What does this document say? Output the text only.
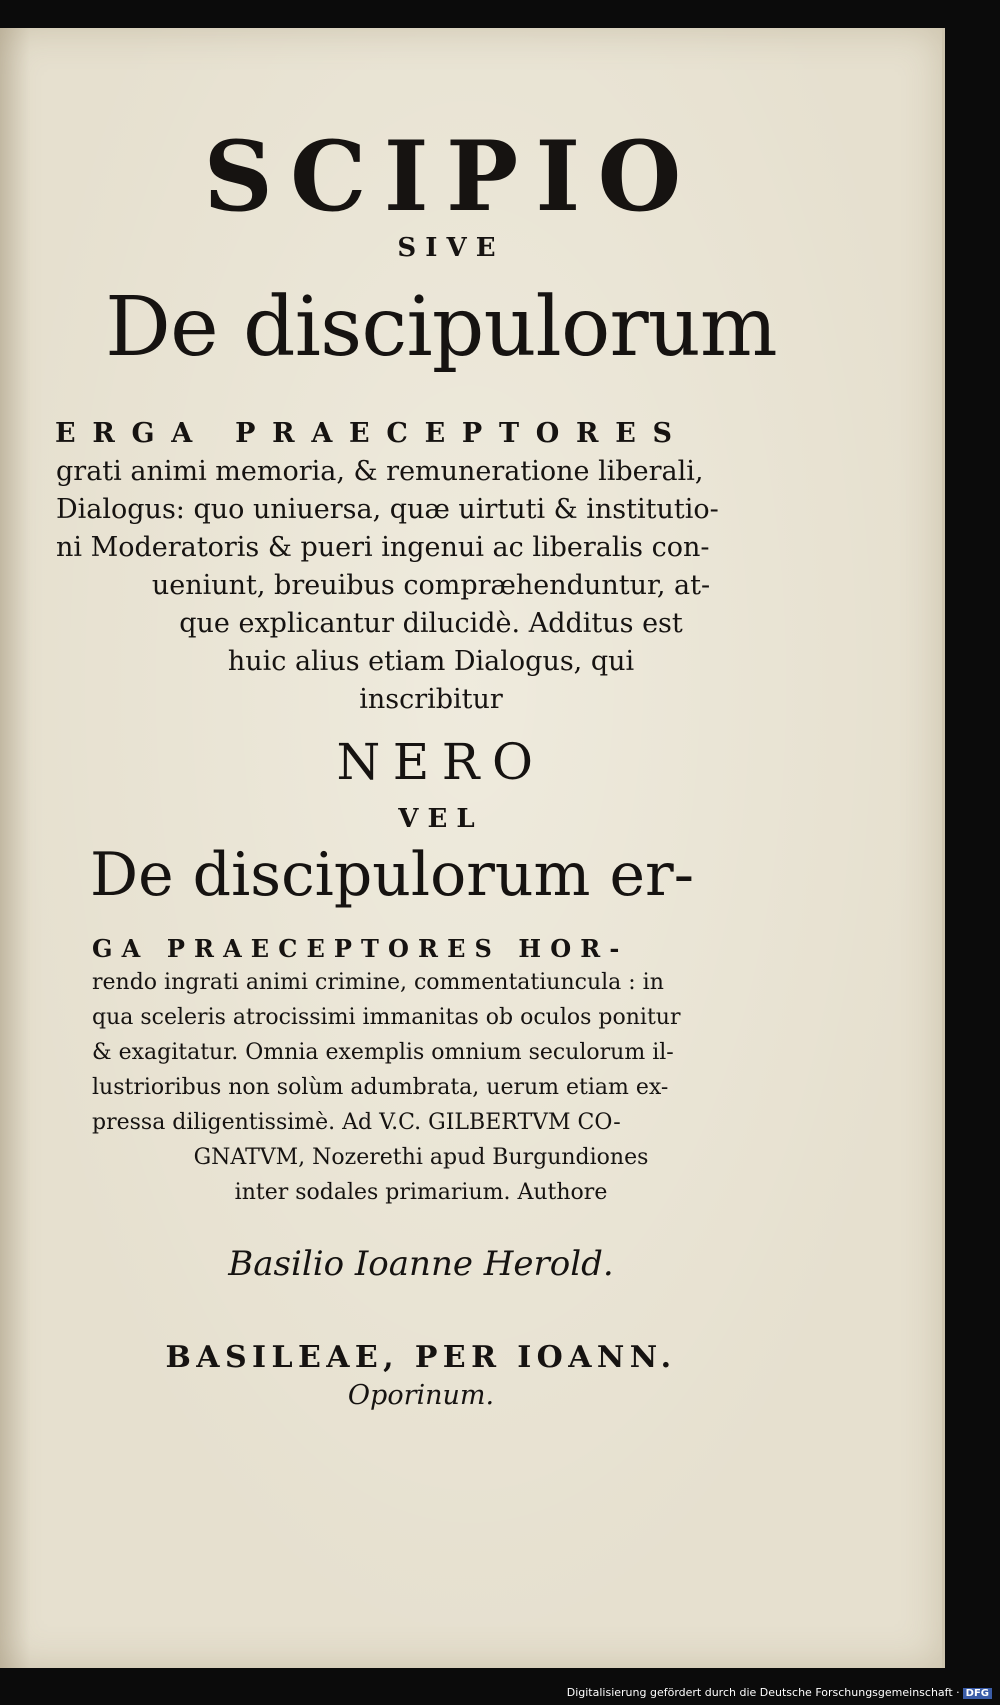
SCIPIO
SIVE
De discipulorum
ERGA PRAECEPTORES
grati animi memoria, & remuneratione liberali,
Dialogus: quo uniuersa, quæ uirtuti & institutio-
ni Moderatoris & pueri ingenui ac liberalis con-
ueniunt, breuibus compræhenduntur, at-
que explicantur dilucidè. Additus est
huic alius etiam Dialogus, qui
inscribitur
NERO
VEL
De discipulorum er-
GA PRAECEPTORES HOR-
rendo ingrati animi crimine, commentatiuncula : in
qua sceleris atrocissimi immanitas ob oculos ponitur
& exagitatur. Omnia exemplis omnium seculorum il-
lustrioribus non solùm adumbrata, uerum etiam ex-
pressa diligentissimè. Ad V.C. GILBERTVM CO-
GNATVM, Nozerethi apud Burgundiones
inter sodales primarium. Authore
Basilio Ioanne Herold.
BASILEAE, PER IOANN.
Oporinum.
Digitalisierung gefördert durch die Deutsche Forschungsgemeinschaft · DFG
